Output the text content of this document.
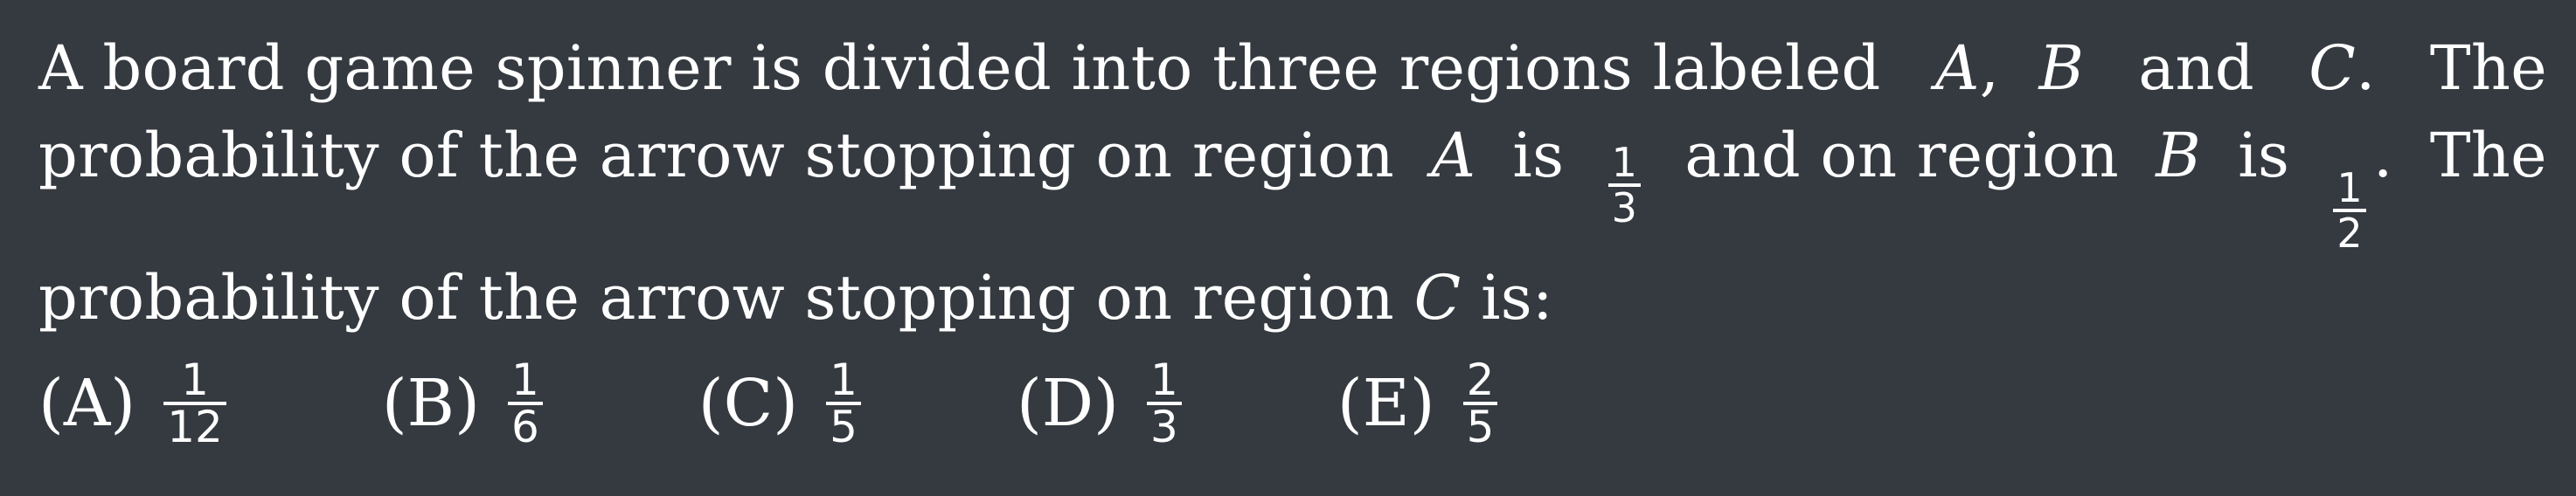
A board game spinner is divided into three regions labeled A, B and C. The
probability of the arrow stopping on region A is $\frac{1}{3}$ and on region B is
$\frac{1}{2}$
. The
probability of the arrow stopping on region C is:
$(A) \frac{1}{12} (B) \frac{1}{6} (C) \frac{1}{5} (D) \frac{1}{3} (E) \frac{2}{5}$
